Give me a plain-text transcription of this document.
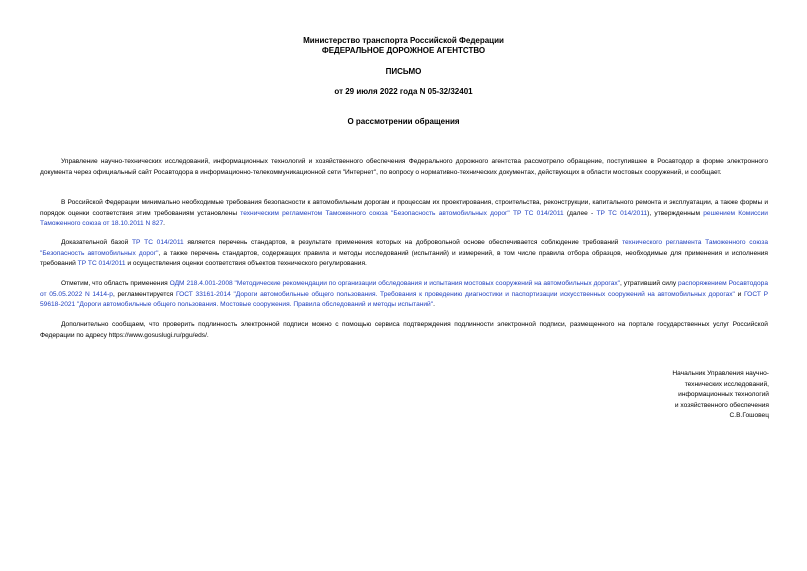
Министерство транспорта Российской Федерации
ФЕДЕРАЛЬНОЕ ДОРОЖНОЕ АГЕНТСТВО
ПИСЬМО
от 29 июля 2022 года N 05-32/32401
О рассмотрении обращения
Управление научно-технических исследований, информационных технологий и хозяйственного обеспечения Федерального дорожного агентства рассмотрело обращение, поступившее в Росавтодор в форме электронного документа через официальный сайт Росавтодора в информационно-телекоммуникационной сети "Интернет", по вопросу о нормативно-технических документах, действующих в области мостовых сооружений, и сообщает.
В Российской Федерации минимально необходимые требования безопасности к автомобильным дорогам и процессам их проектирования, строительства, реконструкции, капитального ремонта и эксплуатации, а также формы и порядок оценки соответствия этим требованиям установлены техническим регламентом Таможенного союза "Безопасность автомобильных дорог" ТР ТС 014/2011 (далее - ТР ТС 014/2011), утвержденным решением Комиссии Таможенного союза от 18.10.2011 N 827.
Доказательной базой ТР ТС 014/2011 является перечень стандартов, в результате применения которых на добровольной основе обеспечивается соблюдение требований технического регламента Таможенного союза "Безопасность автомобильных дорог", а также перечень стандартов, содержащих правила и методы исследований (испытаний) и измерений, в том числе правила отбора образцов, необходимые для применения и исполнения требований ТР ТС 014/2011 и осуществления оценки соответствия объектов технического регулирования.
Отметим, что область применения ОДМ 218.4.001-2008 "Методические рекомендации по организации обследования и испытания мостовых сооружений на автомобильных дорогах", утративший силу распоряжением Росавтодора от 05.05.2022 N 1414-р, регламентируется ГОСТ 33161-2014 "Дороги автомобильные общего пользования. Требования к проведению диагностики и паспортизации искусственных сооружений на автомобильных дорогах" и ГОСТ Р 59618-2021 "Дороги автомобильные общего пользования. Мостовые сооружения. Правила обследований и методы испытаний".
Дополнительно сообщаем, что проверить подлинность электронной подписи можно с помощью сервиса подтверждения подлинности электронной подписи, размещенного на портале государственных услуг Российской Федерации по адресу https://www.gosuslugi.ru/pgu/eds/.
Начальник Управления научно-
технических исследований,
информационных технологий
и хозяйственного обеспечения
С.В.Гошовец
